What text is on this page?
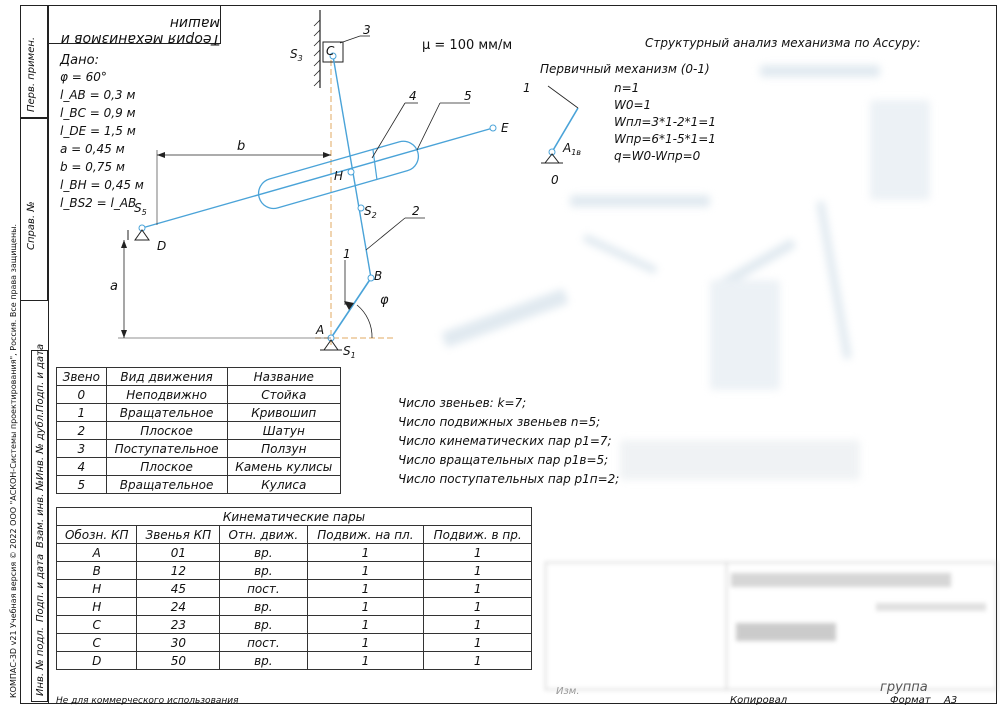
Теория механизмов и машин
Перв. примен.
Справ. №
Подп. и дата
Инв. № дубл.
Взам. инв. №
Подп. и дата
Инв. № подл.
КОМПАС-3D v21 Учебная версия © 2022 ООО "АСКОН-Системы проектирования", Россия. Все права защищены.
C
$S_3$
3
4	5
E
b
H
$S_2$	2
$S_5$
D
a
1
B
φ
A
$S_1$
1
$A_{1в}$
0
Дано:
φ = 60°
l_AB = 0,3 м
l_BC = 0,9 м
l_DE = 1,5 м
a = 0,45 м
b = 0,75 м
l_BH = 0,45 м
l_BS2 = l_AB
μ = 100 мм/м	Структурный анализ механизма по Ассуру:
Первичный механизм (0-1)
n=1
W0=1
Wпл=3*1-2*1=1
Wпр=6*1-5*1=1
q=W0-Wпр=0
Число звеньев: k=7;
Число подвижных звеньев n=5;
Число кинематических пар p1=7;
Число вращательных пар p1в=5;
Число поступательных пар p1п=2;
Звено	Вид движения	Название
0	Неподвижно	Стойка
1	Вращательное	Кривошип
2	Плоское	Шатун
3	Поступательное	Ползун
4	Плоское	Камень кулисы
5	Вращательное	Кулиса
Кинематические пары				
Обозн. КП	Звенья КП	Отн. движ.	Подвиж. на пл.	Подвиж. в пр.
A	01	вр.	1	1
B	12	вр.	1	1
H	45	пост.	1	1
H	24	вр.	1	1
C	23	вр.	1	1
C	30	пост.	1	1
D	50	вр.	1	1
Изм.	группа
Не для коммерческого использования	Копировал	Формат A3
